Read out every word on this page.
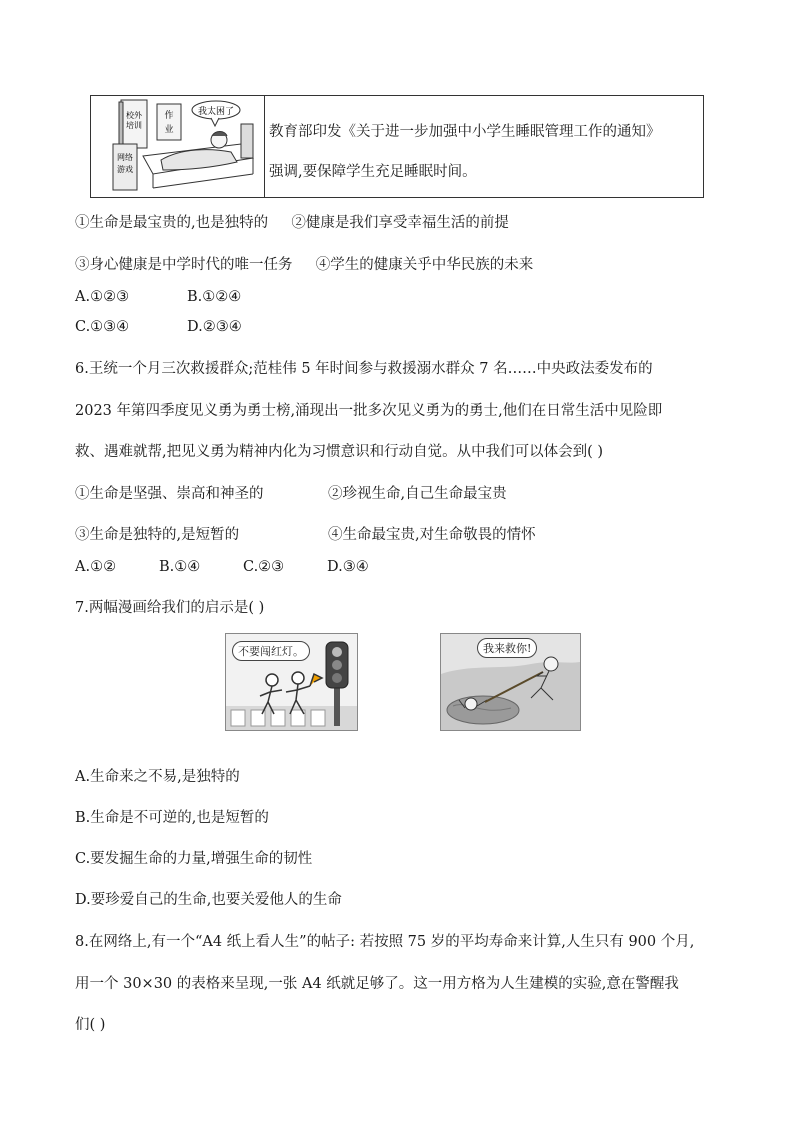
校外
培训
作
业
网络
游戏
我太困了
教育部印发《关于进一步加强中小学生睡眠管理工作的通知》
强调,要保障学生充足睡眠时间。
①生命是最宝贵的,也是独特的 ②健康是我们享受幸福生活的前提
③身心健康是中学时代的唯一任务 ④学生的健康关乎中华民族的未来
A.①②③	B.①②④
C.①③④	D.②③④
6.王统一个月三次救援群众;范桂伟 5 年时间参与救援溺水群众 7 名……中央政法委发布的
2023 年第四季度见义勇为勇士榜,涌现出一批多次见义勇为的勇士,他们在日常生活中见险即
救、遇难就帮,把见义勇为精神内化为习惯意识和行动自觉。从中我们可以体会到( )
①生命是坚强、崇高和神圣的	②珍视生命,自己生命最宝贵
③生命是独特的,是短暂的	④生命最宝贵,对生命敬畏的情怀
A.①②	B.①④	C.②③	D.③④
7.两幅漫画给我们的启示是( )
不要闯红灯。	我来救你!
A.生命来之不易,是独特的
B.生命是不可逆的,也是短暂的
C.要发掘生命的力量,增强生命的韧性
D.要珍爱自己的生命,也要关爱他人的生命
8.在网络上,有一个“A4 纸上看人生”的帖子: 若按照 75 岁的平均寿命来计算,人生只有 900 个月,
用一个 30×30 的表格来呈现,一张 A4 纸就足够了。这一用方格为人生建模的实验,意在警醒我
们( )
